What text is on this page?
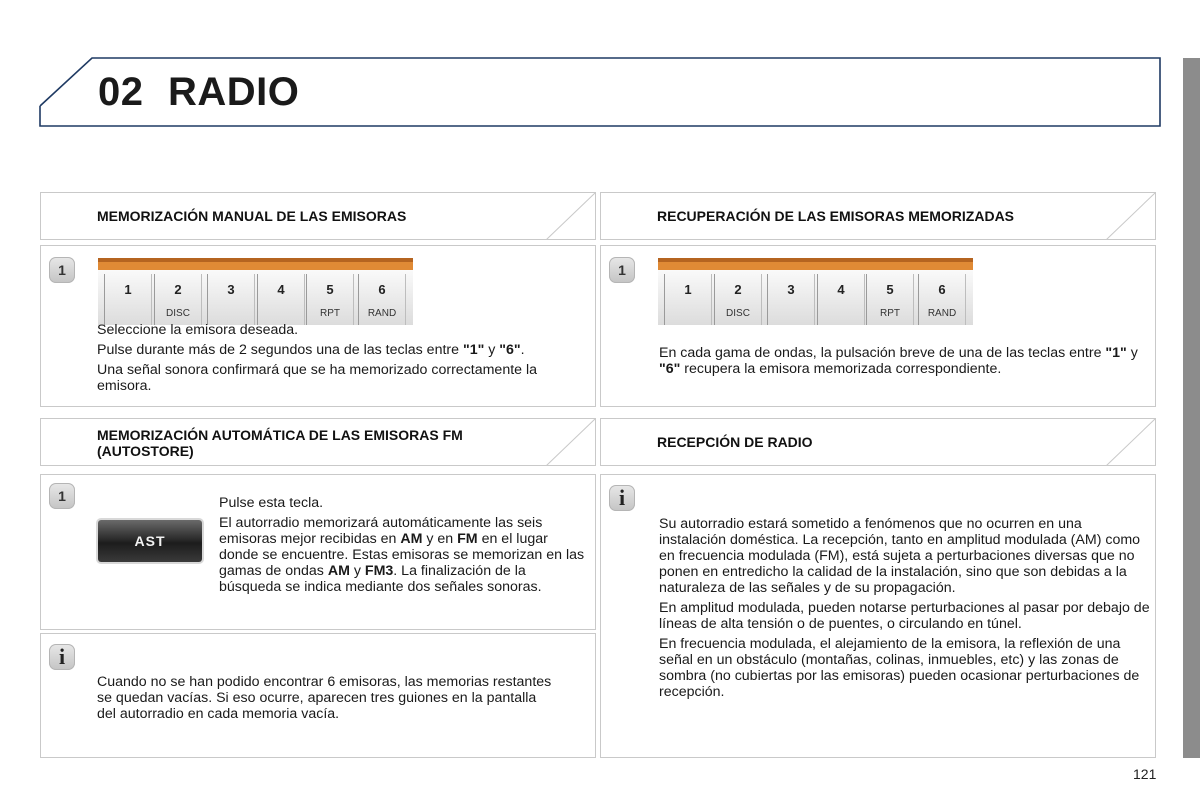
02 RADIO
MEMORIZACIÓN MANUAL DE LAS EMISORAS
1
1	2
DISC
3	4	5
RPT
6
RAND

Seleccione la emisora deseada.

Pulse durante más de 2 segundos una de las teclas entre "1" y "6".

Una señal sonora confirmará que se ha memorizado correctamente la emisora.

MEMORIZACIÓN AUTOMÁTICA DE LAS EMISORAS FM
(AUTOSTORE)
1
AST

Pulse esta tecla.

El autorradio memorizará automáticamente las seis emisoras mejor recibidas en AM y en FM en el lugar donde se encuentre. Estas emisoras se memorizan en las gamas de ondas AM y FM3. La finalización de la búsqueda se indica mediante dos señales sonoras.

i
Cuando no se han podido encontrar 6 emisoras, las memorias restantes se quedan vacías. Si eso ocurre, aparecen tres guiones en la pantalla del autorradio en cada memoria vacía.
RECUPERACIÓN DE LAS EMISORAS MEMORIZADAS
1
1	2
DISC
3	4	5
RPT
6
RAND
En cada gama de ondas, la pulsación breve de una de las teclas entre "1" y "6" recupera la emisora memorizada correspondiente.
RECEPCIÓN DE RADIO
i

Su autorradio estará sometido a fenómenos que no ocurren en una instalación doméstica. La recepción, tanto en amplitud modulada (AM) como en frecuencia modulada (FM), está sujeta a perturbaciones diversas que no ponen en entredicho la calidad de la instalación, sino que son debidas a la naturaleza de las señales y de su propagación.

En amplitud modulada, pueden notarse perturbaciones al pasar por debajo de líneas de alta tensión o de puentes, o circulando en túnel.

En frecuencia modulada, el alejamiento de la emisora, la reflexión de una señal en un obstáculo (montañas, colinas, inmuebles, etc) y las zonas de sombra (no cubiertas por las emisoras) pueden ocasionar perturbaciones de recepción.

121
